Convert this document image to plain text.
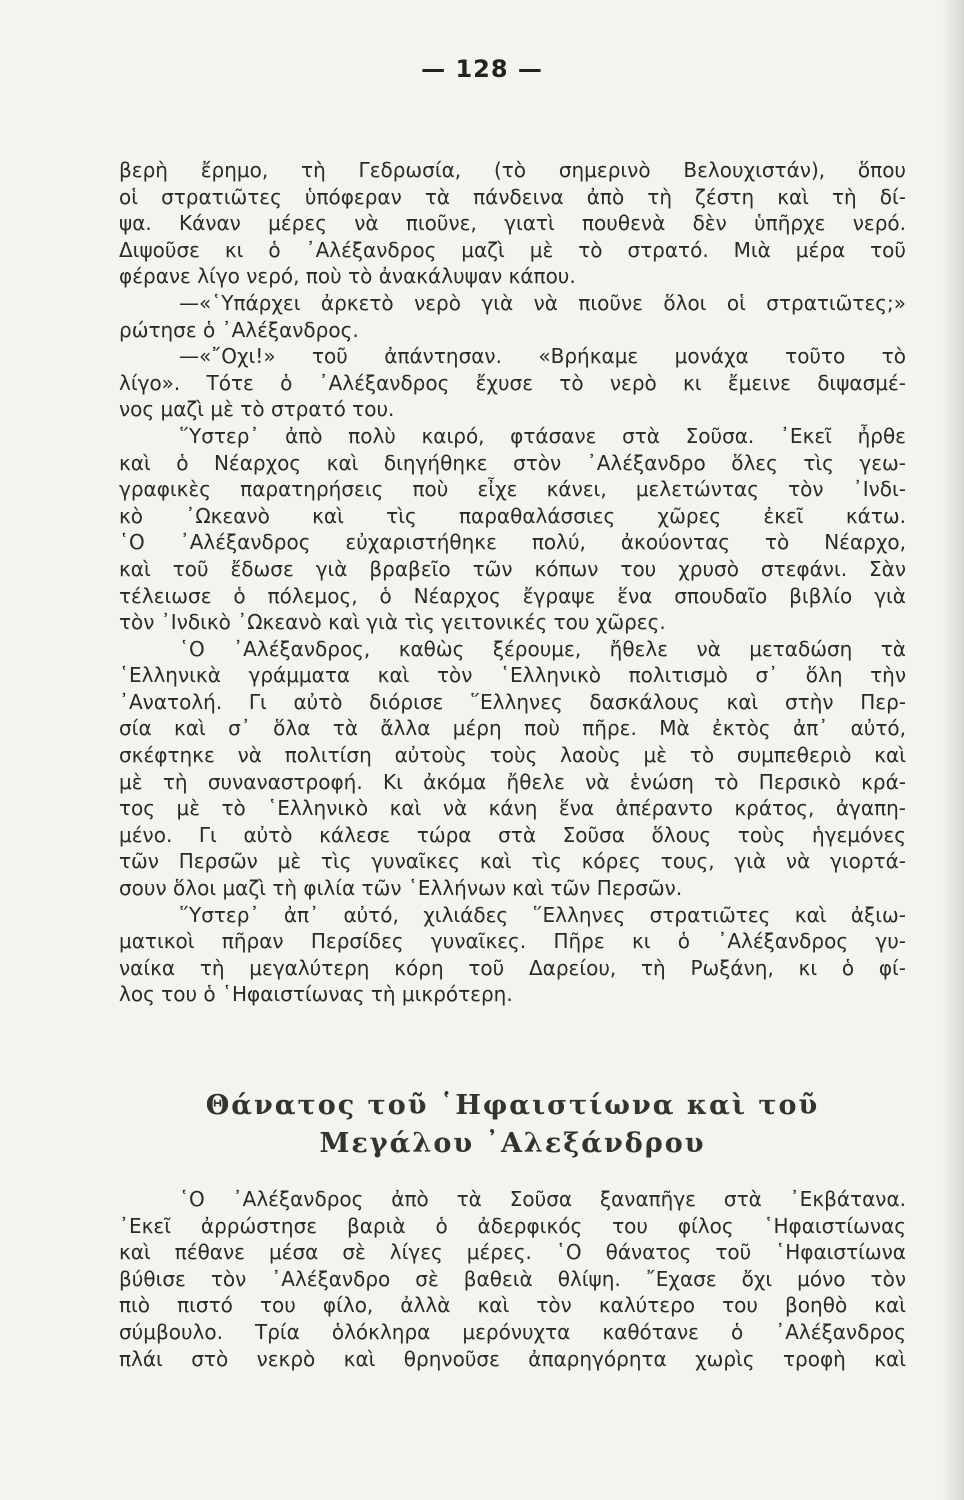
— 128 —
βερὴ ἔρημο, τὴ Γεδρωσία, (τὸ σημερινὸ Βελουχιστάν), ὅπου
οἱ στρατιῶτες ὑπόφεραν τὰ πάνδεινα ἀπὸ τὴ ζέστη καὶ τὴ δί-
ψα. Κάναν μέρες νὰ πιοῦνε, γιατὶ πουθενὰ δὲν ὑπῆρχε νερό.
Διψοῦσε κι ὁ ᾿Αλέξανδρος μαζὶ μὲ τὸ στρατό. Μιὰ μέρα τοῦ
φέρανε λίγο νερό, ποὺ τὸ ἀνακάλυψαν κάπου.
—«῾Υπάρχει ἀρκετὸ νερὸ γιὰ νὰ πιοῦνε ὅλοι οἱ στρατιῶτες;»
ρώτησε ὁ ᾿Αλέξανδρος.
—«῎Οχι!» τοῦ ἀπάντησαν. «Βρήκαμε μονάχα τοῦτο τὸ
λίγο». Τότε ὁ ᾿Αλέξανδρος ἔχυσε τὸ νερὸ κι ἔμεινε διψασμέ-
νος μαζὶ μὲ τὸ στρατό του.
῞Υστερ᾿ ἀπὸ πολὺ καιρό, φτάσανε στὰ Σοῦσα. ᾿Εκεῖ ἦρθε
καὶ ὁ Νέαρχος καὶ διηγήθηκε στὸν ᾿Αλέξανδρο ὅλες τὶς γεω-
γραφικὲς παρατηρήσεις ποὺ εἶχε κάνει, μελετώντας τὸν ᾿Ινδι-
κὸ ᾿Ωκεανὸ καὶ τὶς παραθαλάσσιες χῶρες ἐκεῖ κάτω.
῾Ο ᾿Αλέξανδρος εὐχαριστήθηκε πολύ, ἀκούοντας τὸ Νέαρχο,
καὶ τοῦ ἔδωσε γιὰ βραβεῖο τῶν κόπων του χρυσὸ στεφάνι. Σὰν
τέλειωσε ὁ πόλεμος, ὁ Νέαρχος ἔγραψε ἕνα σπουδαῖο βιβλίο γιὰ
τὸν ᾿Ινδικὸ ᾿Ωκεανὸ καὶ γιὰ τὶς γειτονικές του χῶρες.
῾Ο ᾿Αλέξανδρος, καθὼς ξέρουμε, ἤθελε νὰ μεταδώση τὰ
῾Ελληνικὰ γράμματα καὶ τὸν ῾Ελληνικὸ πολιτισμὸ σ᾿ ὅλη τὴν
᾿Ανατολή. Γι αὐτὸ διόρισε ῞Ελληνες δασκάλους καὶ στὴν Περ-
σία καὶ σ᾿ ὅλα τὰ ἄλλα μέρη ποὺ πῆρε. Μὰ ἐκτὸς ἀπ᾿ αὐτό,
σκέφτηκε νὰ πολιτίση αὐτοὺς τοὺς λαοὺς μὲ τὸ συμπεθεριὸ καὶ
μὲ τὴ συναναστροφή. Κι ἀκόμα ἤθελε νὰ ἑνώση τὸ Περσικὸ κρά-
τος μὲ τὸ ῾Ελληνικὸ καὶ νὰ κάνη ἕνα ἀπέραντο κράτος, ἀγαπη-
μένο. Γι αὐτὸ κάλεσε τώρα στὰ Σοῦσα ὅλους τοὺς ἡγεμόνες
τῶν Περσῶν μὲ τὶς γυναῖκες καὶ τὶς κόρες τους, γιὰ νὰ γιορτά-
σουν ὅλοι μαζὶ τὴ φιλία τῶν ῾Ελλήνων καὶ τῶν Περσῶν.
῞Υστερ᾿ ἀπ᾿ αὐτό, χιλιάδες ῞Ελληνες στρατιῶτες καὶ ἀξιω-
ματικοὶ πῆραν Περσίδες γυναῖκες. Πῆρε κι ὁ ᾿Αλέξανδρος γυ-
ναίκα τὴ μεγαλύτερη κόρη τοῦ Δαρείου, τὴ Ρωξάνη, κι ὁ φί-
λος του ὁ ῾Ηφαιστίωνας τὴ μικρότερη.
Θάνατος τοῦ ῾Ηφαιστίωνα καὶ τοῦ
Μεγάλου ᾿Αλεξάνδρου
῾Ο ᾿Αλέξανδρος ἀπὸ τὰ Σοῦσα ξαναπῆγε στὰ ᾿Εκβάτανα.
᾿Εκεῖ ἀρρώστησε βαριὰ ὁ ἀδερφικός του φίλος ῾Ηφαιστίωνας
καὶ πέθανε μέσα σὲ λίγες μέρες. ῾Ο θάνατος τοῦ ῾Ηφαιστίωνα
βύθισε τὸν ᾿Αλέξανδρο σὲ βαθειὰ θλίψη. ῎Εχασε ὄχι μόνο τὸν
πιὸ πιστό του φίλο, ἀλλὰ καὶ τὸν καλύτερο του βοηθὸ καὶ
σύμβουλο. Τρία ὁλόκληρα μερόνυχτα καθότανε ὁ ᾿Αλέξανδρος
πλάι στὸ νεκρὸ καὶ θρηνοῦσε ἀπαρηγόρητα χωρὶς τροφὴ καὶ
